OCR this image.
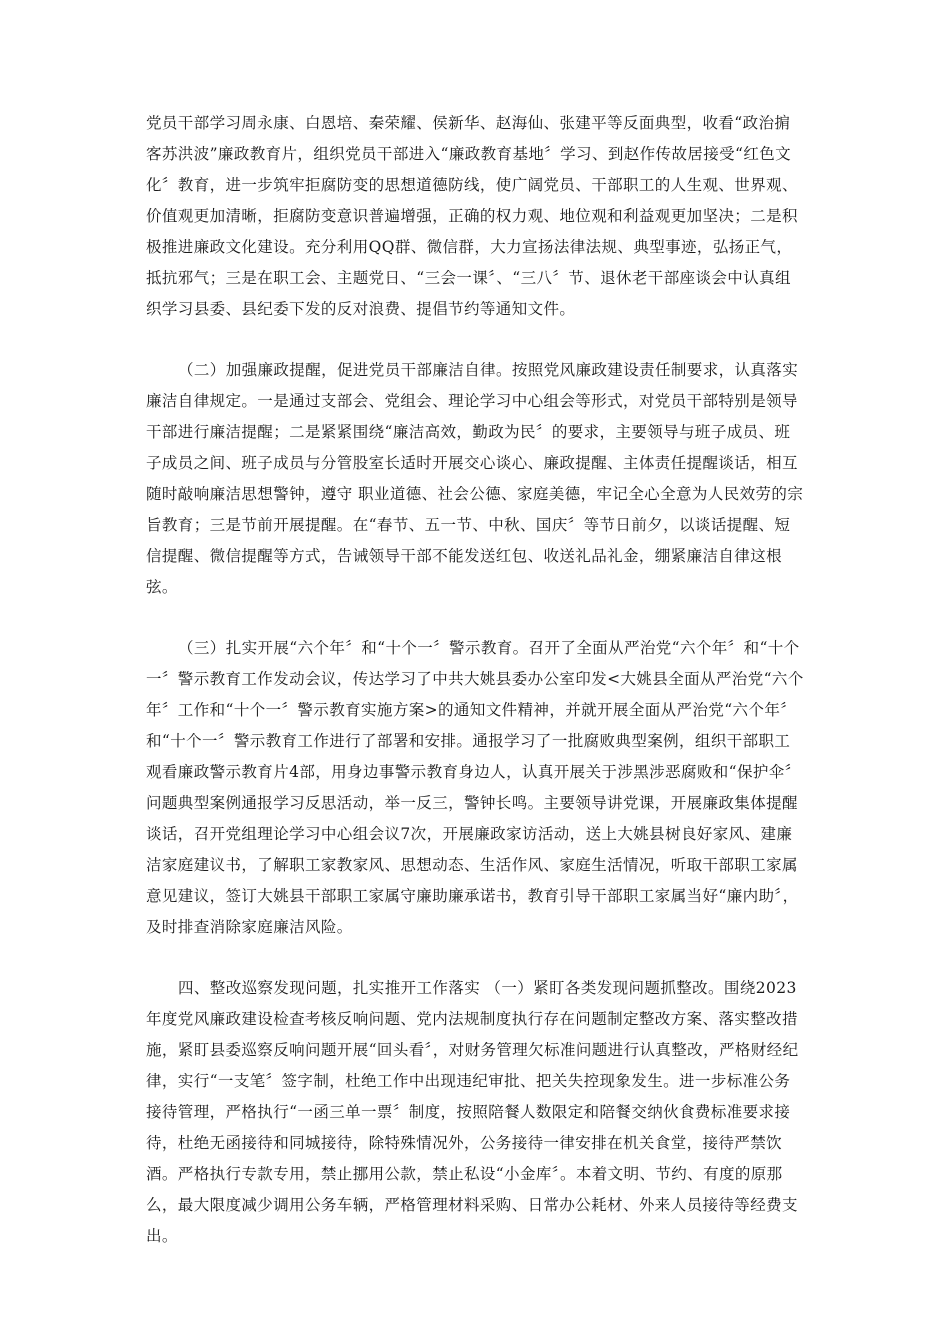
党员干部学习周永康、白恩培、秦荣耀、侯新华、赵海仙、张建平等反面典型，收看“政治掮客苏洪波”廉政教育片，组织党员干部进入“廉政教育基地〞学习、到赵作传故居接受“红色文化〞教育，进一步筑牢拒腐防变的思想道德防线，使广阔党员、干部职工的人生观、世界观、价值观更加清晰，拒腐防变意识普遍增强，正确的权力观、地位观和利益观更加坚决；二是积极推进廉政文化建设。充分利用QQ群、微信群，大力宣扬法律法规、典型事迹，弘扬正气，抵抗邪气；三是在职工会、主题党日、“三会一课〞、“三八〞节、退休老干部座谈会中认真组织学习县委、县纪委下发的反对浪费、提倡节约等通知文件。

（二）加强廉政提醒，促进党员干部廉洁自律。按照党风廉政建设责任制要求，认真落实廉洁自律规定。一是通过支部会、党组会、理论学习中心组会等形式，对党员干部特别是领导干部进行廉洁提醒；二是紧紧围绕“廉洁高效，勤政为民〞的要求，主要领导与班子成员、班子成员之间、班子成员与分管股室长适时开展交心谈心、廉政提醒、主体责任提醒谈话，相互随时敲响廉洁思想警钟，遵守 职业道德、社会公德、家庭美德，牢记全心全意为人民效劳的宗旨教育；三是节前开展提醒。在“春节、五一节、中秋、国庆〞等节日前夕，以谈话提醒、短信提醒、微信提醒等方式，告诫领导干部不能发送红包、收送礼品礼金，绷紧廉洁自律这根弦。

（三）扎实开展“六个年〞和“十个一〞警示教育。召开了全面从严治党“六个年〞和“十个一〞警示教育工作发动会议，传达学习了中共大姚县委办公室印发<大姚县全面从严治党“六个年〞工作和“十个一〞警示教育实施方案>的通知文件精神，并就开展全面从严治党“六个年〞和“十个一〞警示教育工作进行了部署和安排。通报学习了一批腐败典型案例，组织干部职工观看廉政警示教育片4部，用身边事警示教育身边人，认真开展关于涉黑涉恶腐败和“保护伞〞问题典型案例通报学习反思活动，举一反三，警钟长鸣。主要领导讲党课，开展廉政集体提醒谈话，召开党组理论学习中心组会议7次，开展廉政家访活动，送上大姚县树良好家风、建廉洁家庭建议书，了解职工家教家风、思想动态、生活作风、家庭生活情况，听取干部职工家属意见建议，签订大姚县干部职工家属守廉助廉承诺书，教育引导干部职工家属当好“廉内助〞，及时排查消除家庭廉洁风险。

四、整改巡察发现问题，扎实推开工作落实 （一）紧盯各类发现问题抓整改。围绕2023年度党风廉政建设检查考核反响问题、党内法规制度执行存在问题制定整改方案、落实整改措施，紧盯县委巡察反响问题开展“回头看〞，对财务管理欠标准问题进行认真整改，严格财经纪律，实行“一支笔〞签字制，杜绝工作中出现违纪审批、把关失控现象发生。进一步标准公务接待管理，严格执行“一函三单一票〞制度，按照陪餐人数限定和陪餐交纳伙食费标准要求接待，杜绝无函接待和同城接待，除特殊情况外，公务接待一律安排在机关食堂，接待严禁饮酒。严格执行专款专用，禁止挪用公款，禁止私设“小金库〞。本着文明、节约、有度的原那么，最大限度减少调用公务车辆，严格管理材料采购、日常办公耗材、外来人员接待等经费支出。
